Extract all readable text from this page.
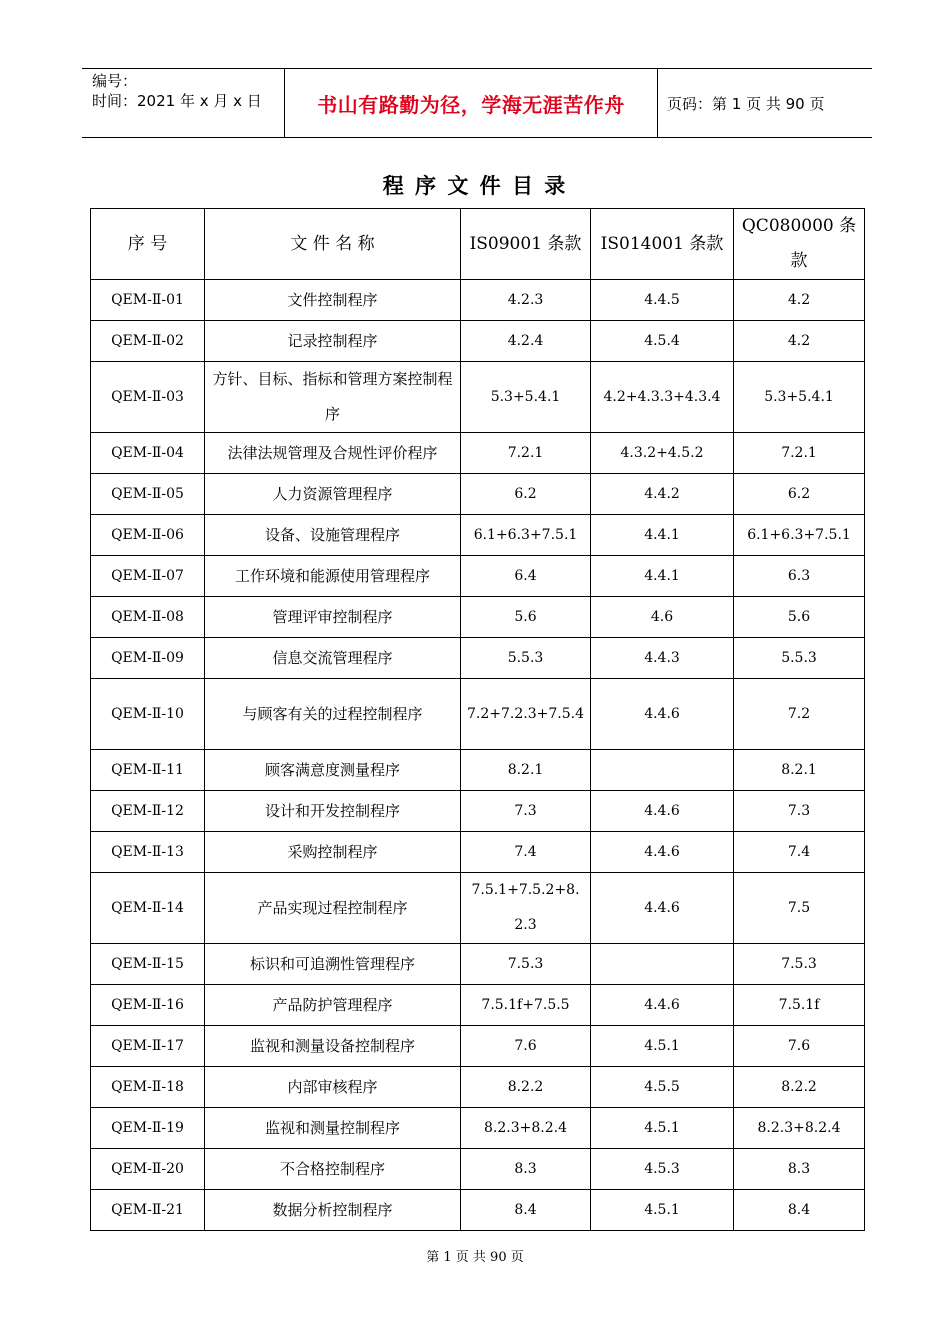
编号：
时间：2021 年 x 月 x 日	书山有路勤为径，学海无涯苦作舟	页码：第 1 页 共 90 页
程 序 文 件 目 录
序 号	文 件 名 称	IS09001 条款	IS014001 条款	QC080000 条款

QEM-Ⅱ-01	文件控制程序	4.2.3	4.4.5	4.2

QEM-Ⅱ-02	记录控制程序	4.2.4	4.5.4	4.2

QEM-Ⅱ-03	方针、目标、指标和管理方案控制程序	5.3+5.4.1	4.2+4.3.3+4.3.4	5.3+5.4.1

QEM-Ⅱ-04	法律法规管理及合规性评价程序	7.2.1	4.3.2+4.5.2	7.2.1

QEM-Ⅱ-05	人力资源管理程序	6.2	4.4.2	6.2

QEM-Ⅱ-06	设备、设施管理程序	6.1+6.3+7.5.1	4.4.1	6.1+6.3+7.5.1

QEM-Ⅱ-07	工作环境和能源使用管理程序	6.4	4.4.1	6.3

QEM-Ⅱ-08	管理评审控制程序	5.6	4.6	5.6

QEM-Ⅱ-09	信息交流管理程序	5.5.3	4.4.3	5.5.3

QEM-Ⅱ-10	与顾客有关的过程控制程序	7.2+7.2.3+7.5.4	4.4.6	7.2

QEM-Ⅱ-11	顾客满意度测量程序	8.2.1		8.2.1

QEM-Ⅱ-12	设计和开发控制程序	7.3	4.4.6	7.3

QEM-Ⅱ-13	采购控制程序	7.4	4.4.6	7.4

QEM-Ⅱ-14	产品实现过程控制程序	7.5.1+7.5.2+8.2.3	4.4.6	7.5

QEM-Ⅱ-15	标识和可追溯性管理程序	7.5.3		7.5.3

QEM-Ⅱ-16	产品防护管理程序	7.5.1f+7.5.5	4.4.6	7.5.1f

QEM-Ⅱ-17	监视和测量设备控制程序	7.6	4.5.1	7.6

QEM-Ⅱ-18	内部审核程序	8.2.2	4.5.5	8.2.2

QEM-Ⅱ-19	监视和测量控制程序	8.2.3+8.2.4	4.5.1	8.2.3+8.2.4

QEM-Ⅱ-20	不合格控制程序	8.3	4.5.3	8.3

QEM-Ⅱ-21	数据分析控制程序	8.4	4.5.1	8.4
第 1 页 共 90 页
